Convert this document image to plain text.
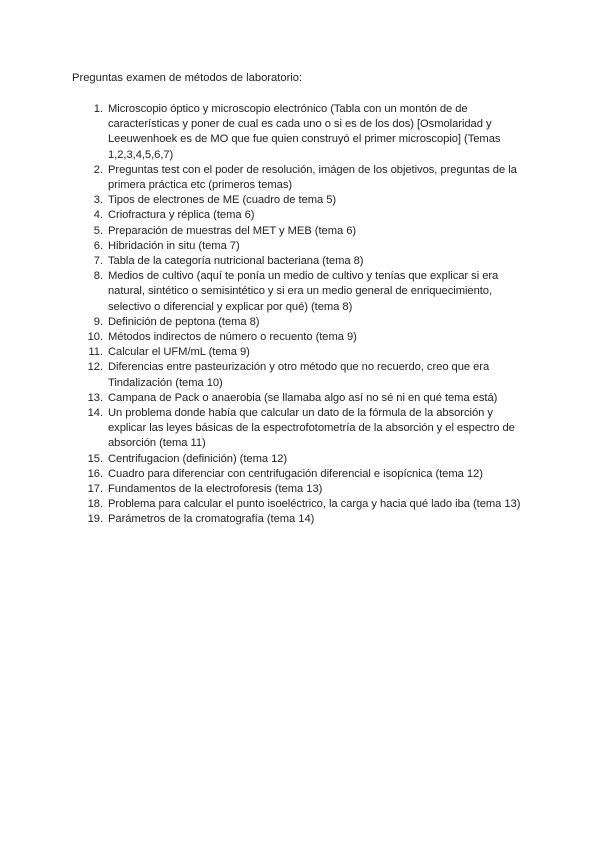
Preguntas examen de métodos de laboratorio:
1. Microscopio óptico y microscopio electrónico (Tabla con un montón de de características y poner de cual es cada uno o si es de los dos) [Osmolaridad y Leeuwenhoek es de MO que fue quien construyó el primer microscopio] (Temas 1,2,3,4,5,6,7)
2. Preguntas test con el poder de resolución, imágen de los objetivos, preguntas de la primera práctica etc (primeros temas)
3. Tipos de electrones de ME (cuadro de tema 5)
4. Criofractura y réplica (tema 6)
5. Preparación de muestras del MET y MEB (tema 6)
6. Hibridación in situ (tema 7)
7. Tabla de la categoría nutricional bacteriana (tema 8)
8. Medios de cultivo (aquí te ponía un medio de cultivo y tenías que explicar si era natural, sintético o semisintético y si era un medio general de enriquecimiento, selectivo o diferencial y explicar por qué) (tema 8)
9. Definición de peptona (tema 8)
10. Métodos indirectos de número o recuento (tema 9)
11. Calcular el UFM/mL (tema 9)
12. Diferencias entre pasteurización y otro método que no recuerdo, creo que era Tindalización (tema 10)
13. Campana de Pack o anaerobia (se llamaba algo así no sé ni en qué tema está)
14. Un problema donde había que calcular un dato de la fórmula de la absorción y explicar las leyes básicas de la espectrofotometría de la absorción y el espectro de absorción (tema 11)
15. Centrifugacion (definición) (tema 12)
16. Cuadro para diferenciar con centrifugación diferencial e isopícnica (tema 12)
17. Fundamentos de la electroforesis (tema 13)
18. Problema para calcular el punto isoeléctrico, la carga y hacia qué lado iba (tema 13)
19. Parámetros de la cromatografía (tema 14)
